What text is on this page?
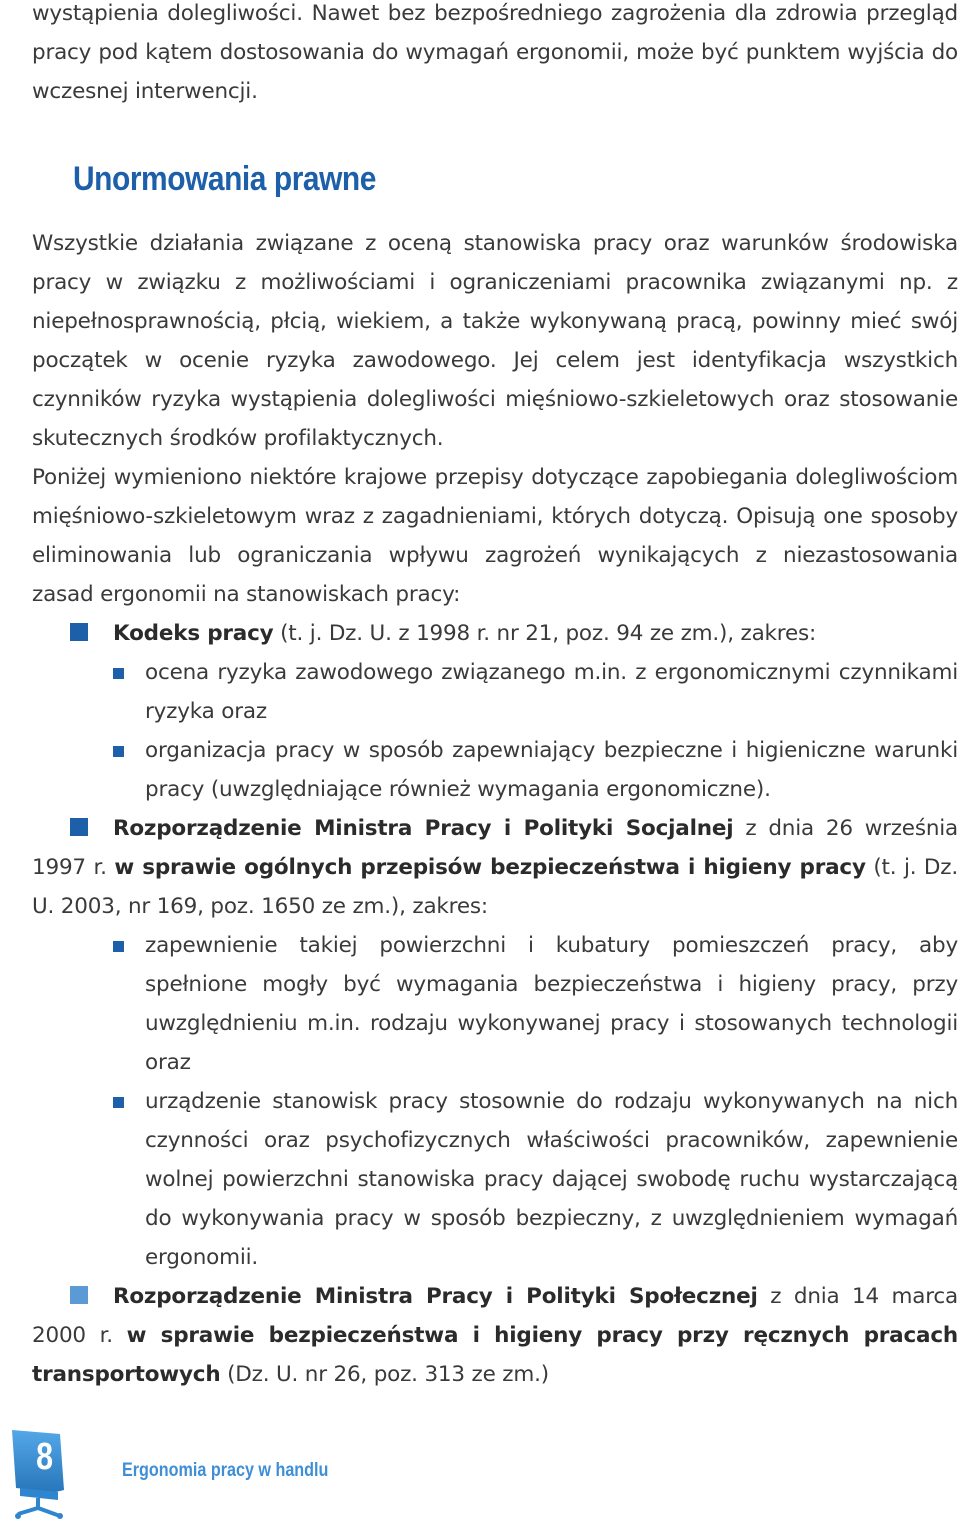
wystąpienia dolegliwości. Nawet bez bezpośredniego zagrożenia dla zdrowia przegląd pracy pod kątem dostosowania do wymagań ergonomii, może być punktem wyjścia do wczesnej interwencji.

Unormowania prawne

Wszystkie działania związane z oceną stanowiska pracy oraz warunków środowiska pracy w związku z możliwościami i ograniczeniami pracownika związanymi np. z niepełnosprawnością, płcią, wiekiem, a także wykonywaną pracą, powinny mieć swój początek w ocenie ryzyka zawodowego. Jej celem jest identyfikacja wszystkich czynników ryzyka wystąpienia dolegliwości mięśniowo-szkieletowych oraz stosowanie skutecznych środków profilaktycznych.

Poniżej wymieniono niektóre krajowe przepisy dotyczące zapobiegania dolegliwościom mięśniowo-szkieletowym wraz z zagadnieniami, których dotyczą. Opisują one sposoby eliminowania lub ograniczania wpływu zagrożeń wynikających z niezastosowania zasad ergonomii na stanowiskach pracy:

Kodeks pracy (t. j. Dz. U. z 1998 r. nr 21, poz. 94 ze zm.), zakres:

ocena ryzyka zawodowego związanego m.in. z ergonomicznymi czynnikami ryzyka oraz

organizacja pracy w sposób zapewniający bezpieczne i higieniczne warunki pracy (uwzględniające również wymagania ergonomiczne).

Rozporządzenie Ministra Pracy i Polityki Socjalnej z dnia 26 września 1997 r. w sprawie ogólnych przepisów bezpieczeństwa i higieny pracy (t. j. Dz. U. 2003, nr 169, poz. 1650 ze zm.), zakres:

zapewnienie takiej powierzchni i kubatury pomieszczeń pracy, aby spełnione mogły być wymagania bezpieczeństwa i higieny pracy, przy uwzględnieniu m.in. rodzaju wykonywanej pracy i stosowanych technologii oraz

urządzenie stanowisk pracy stosownie do rodzaju wykonywanych na nich czynności oraz psychofizycznych właściwości pracowników, zapewnienie wolnej powierzchni stanowiska pracy dającej swobodę ruchu wystarczającą do wykonywania pracy w sposób bezpieczny, z uwzględnieniem wymagań ergonomii.

Rozporządzenie Ministra Pracy i Polityki Społecznej z dnia 14 marca 2000 r. w sprawie bezpieczeństwa i higieny pracy przy ręcznych pracach transportowych (Dz. U. nr 26, poz. 313 ze zm.)

8	Ergonomia pracy w handlu
